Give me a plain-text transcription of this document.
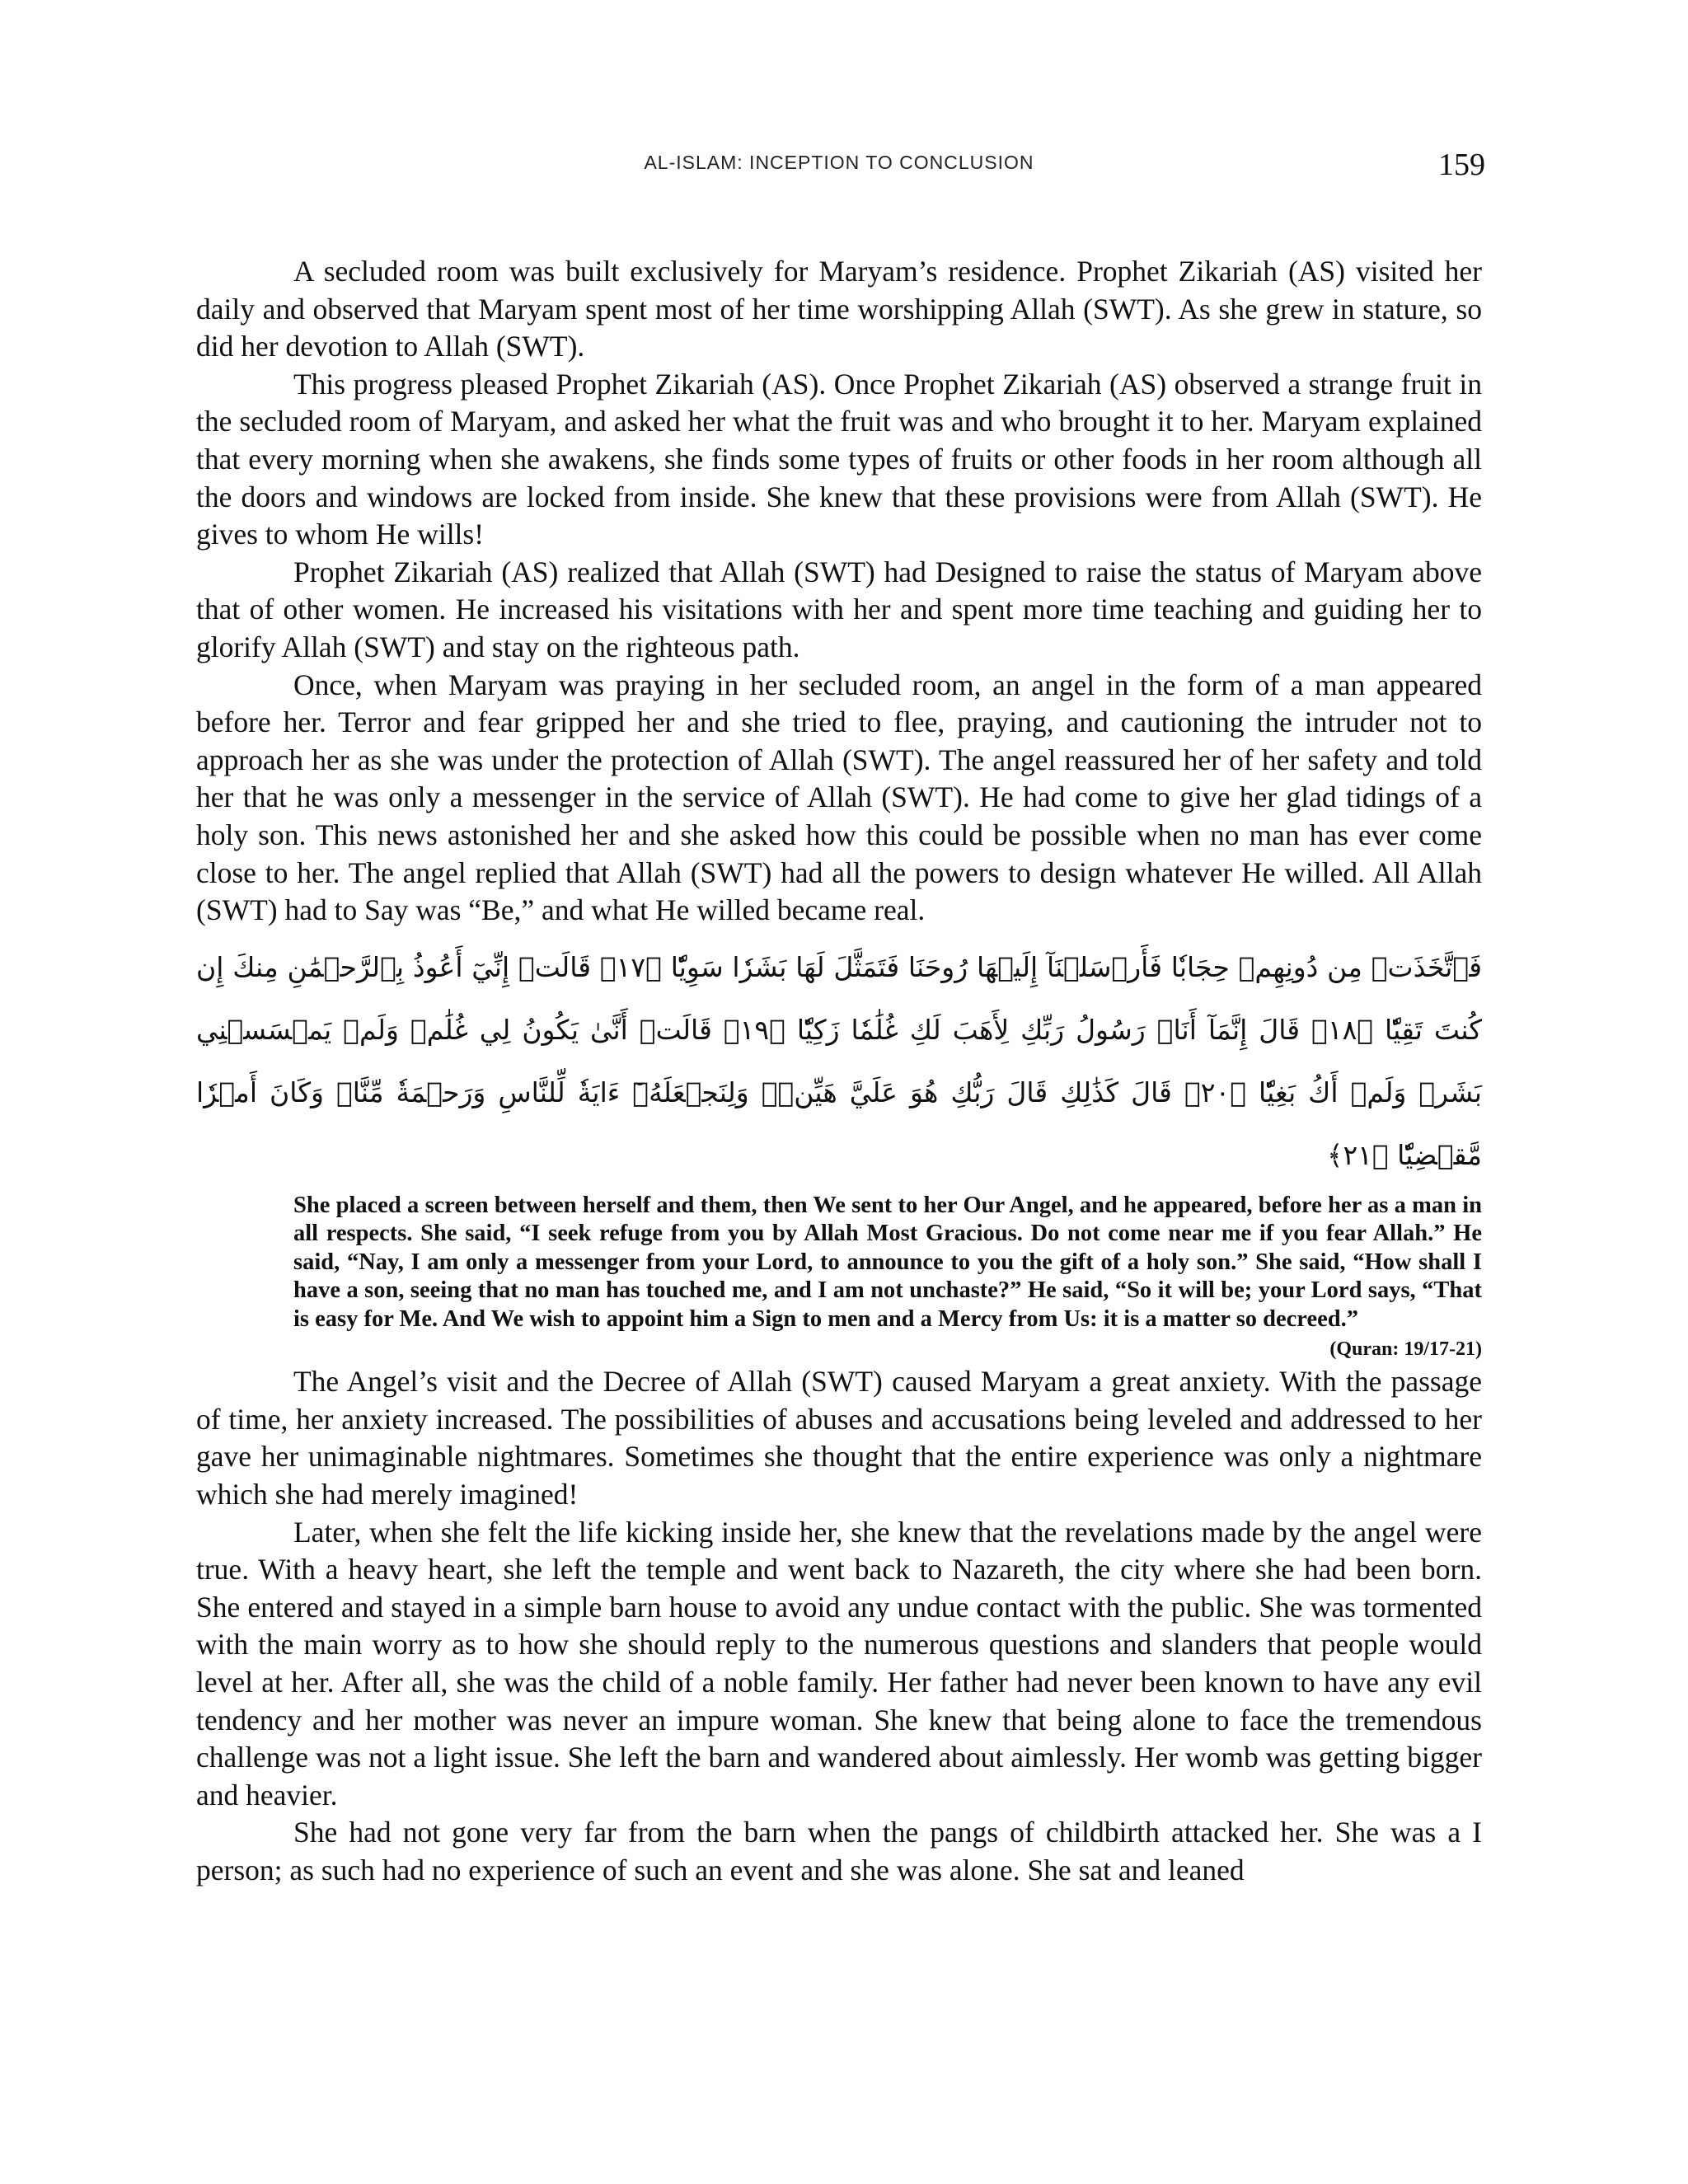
AL-ISLAM: INCEPTION TO CONCLUSION	159

A secluded room was built exclusively for Maryam’s residence. Prophet Zikariah (AS) visited her daily and observed that Maryam spent most of her time worshipping Allah (SWT). As she grew in stature, so did her devotion to Allah (SWT).

This progress pleased Prophet Zikariah (AS). Once Prophet Zikariah (AS) observed a strange fruit in the secluded room of Maryam, and asked her what the fruit was and who brought it to her. Maryam explained that every morning when she awakens, she finds some types of fruits or other foods in her room although all the doors and windows are locked from inside. She knew that these provisions were from Allah (SWT). He gives to whom He wills!

Prophet Zikariah (AS) realized that Allah (SWT) had Designed to raise the status of Maryam above that of other women. He increased his visitations with her and spent more time teaching and guiding her to glorify Allah (SWT) and stay on the righteous path.

Once, when Maryam was praying in her secluded room, an angel in the form of a man appeared before her. Terror and fear gripped her and she tried to flee, praying, and cautioning the intruder not to approach her as she was under the protection of Allah (SWT). The angel reassured her of her safety and told her that he was only a messenger in the service of Allah (SWT). He had come to give her glad tidings of a holy son. This news astonished her and she asked how this could be possible when no man has ever come close to her. The angel replied that Allah (SWT) had all the powers to design whatever He willed. All Allah (SWT) had to Say was “Be,” and what He willed became real.

فَٱتَّخَذَتۡ مِن دُونِهِمۡ حِجَابٗا فَأَرۡسَلۡنَآ إِلَيۡهَا رُوحَنَا فَتَمَثَّلَ لَهَا بَشَرٗا سَوِيّٗا ﴿١٧﴾ قَالَتۡ إِنِّيٓ أَعُوذُ بِٱلرَّحۡمَٰنِ مِنكَ إِن كُنتَ تَقِيّٗا ﴿١٨﴾ قَالَ إِنَّمَآ أَنَا۠ رَسُولُ رَبِّكِ لِأَهَبَ لَكِ غُلَٰمٗا زَكِيّٗا ﴿١٩﴾ قَالَتۡ أَنَّىٰ يَكُونُ لِي غُلَٰمٞ وَلَمۡ يَمۡسَسۡنِي بَشَرٞ وَلَمۡ أَكُ بَغِيّٗا ﴿٢٠﴾ قَالَ كَذَٰلِكِ قَالَ رَبُّكِ هُوَ عَلَيَّ هَيِّنٞۖ وَلِنَجۡعَلَهُۥٓ ءَايَةٗ لِّلنَّاسِ وَرَحۡمَةٗ مِّنَّاۚ وَكَانَ أَمۡرٗا مَّقۡضِيّٗا ﴿٢١﴾

She placed a screen between herself and them, then We sent to her Our Angel, and he appeared, before her as a man in all respects. She said, “I seek refuge from you by Allah Most Gracious. Do not come near me if you fear Allah.” He said, “Nay, I am only a messenger from your Lord, to announce to you the gift of a holy son.” She said, “How shall I have a son, seeing that no man has touched me, and I am not unchaste?” He said, “So it will be; your Lord says, “That is easy for Me. And We wish to appoint him a Sign to men and a Mercy from Us: it is a matter so decreed.”

(Quran: 19/17-21)

The Angel’s visit and the Decree of Allah (SWT) caused Maryam a great anxiety. With the passage of time, her anxiety increased. The possibilities of abuses and accusations being leveled and addressed to her gave her unimaginable nightmares. Sometimes she thought that the entire experience was only a nightmare which she had merely imagined!

Later, when she felt the life kicking inside her, she knew that the revelations made by the angel were true. With a heavy heart, she left the temple and went back to Nazareth, the city where she had been born. She entered and stayed in a simple barn house to avoid any undue contact with the public. She was tormented with the main worry as to how she should reply to the numerous questions and slanders that people would level at her. After all, she was the child of a noble family. Her father had never been known to have any evil tendency and her mother was never an impure woman. She knew that being alone to face the tremendous challenge was not a light issue. She left the barn and wandered about aimlessly. Her womb was getting bigger and heavier.

She had not gone very far from the barn when the pangs of childbirth attacked her. She was a I person; as such had no experience of such an event and she was alone. She sat and leaned
